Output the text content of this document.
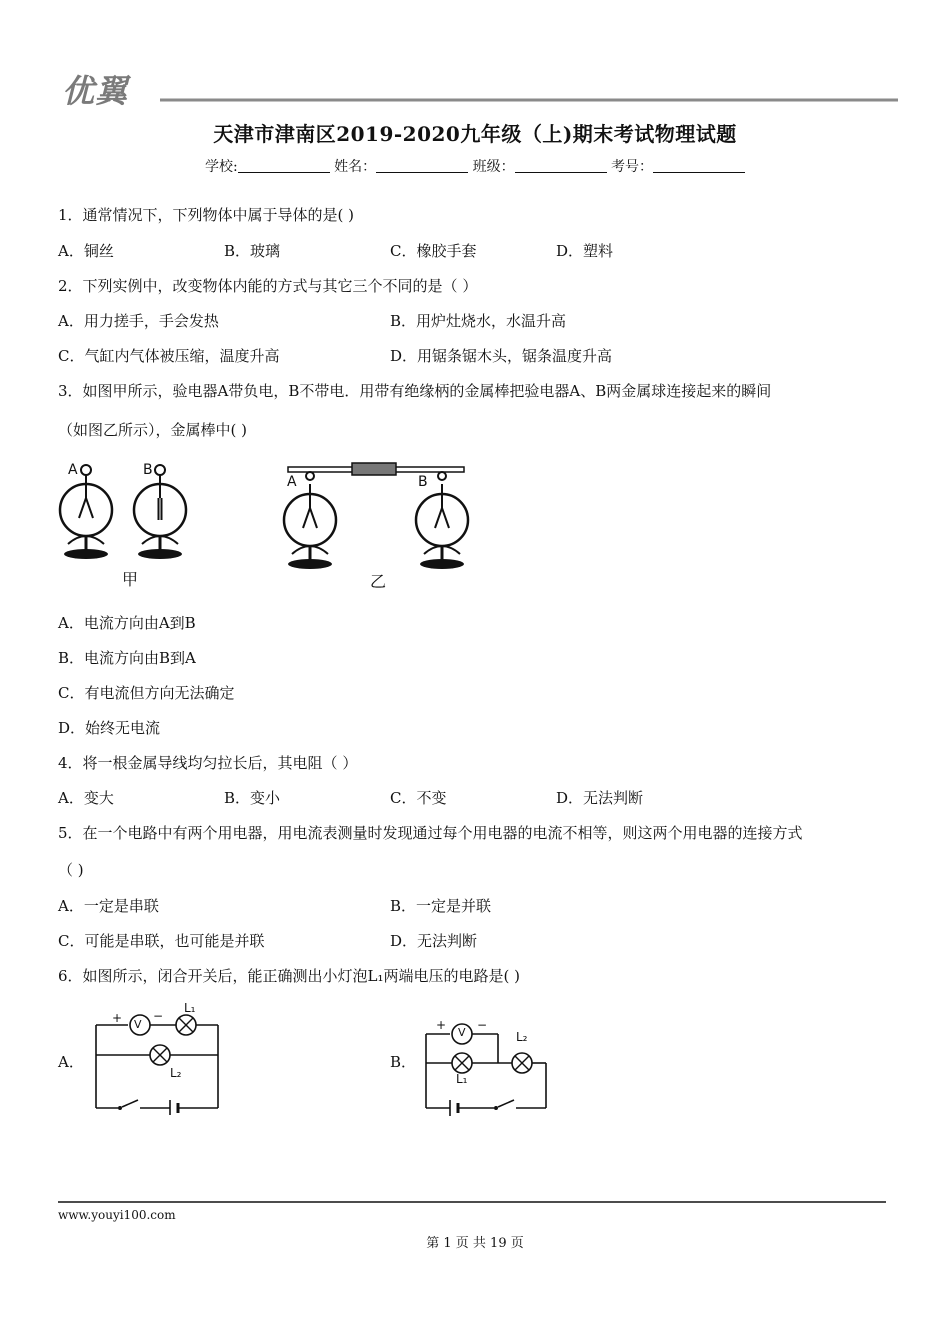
优翼
天津市津南区2019-2020九年级（上)期末考试物理试题
学校:	姓名：	班级：	考号：
1．通常情况下，下列物体中属于导体的是( )
A．铜丝	B．玻璃	C．橡胶手套	D．塑料
2．下列实例中，改变物体内能的方式与其它三个不同的是（ ）
A．用力搓手，手会发热	B．用炉灶烧水，水温升高
C．气缸内气体被压缩，温度升高	D．用锯条锯木头，锯条温度升高
3．如图甲所示，验电器A带负电，B不带电．用带有绝缘柄的金属棒把验电器A、B两金属球连接起来的瞬间
（如图乙所示），金属棒中( )
A	B
A	B
甲	乙
A．电流方向由A到B
B．电流方向由B到A
C．有电流但方向无法确定
D．始终无电流
4．将一根金属导线均匀拉长后，其电阻（ ）
A．变大	B．变小	C．不变	D．无法判断
5．在一个电路中有两个用电器，用电流表测量时发现通过每个用电器的电流不相等，则这两个用电器的连接方式
（ )
A．一定是串联	B．一定是并联
C．可能是串联，也可能是并联	D．无法判断
6．如图所示，闭合开关后，能正确测出小灯泡L₁两端电压的电路是( )
A．	B．
+ V
−
L₁
L₂
+
V
−
L₂
L₁
www.youyi100.com
第 1 页 共 19 页
